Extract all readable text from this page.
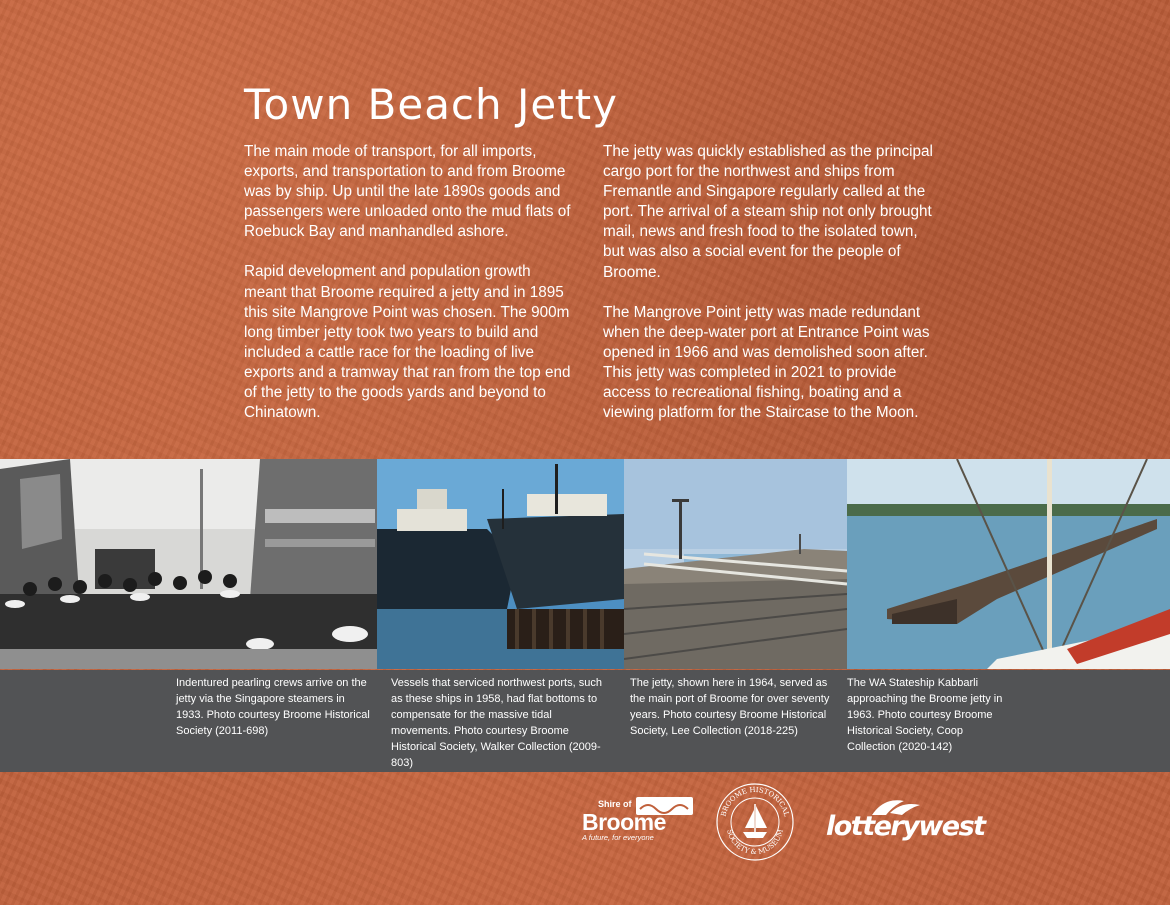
Town Beach Jetty

The main mode of transport, for all imports, exports, and transportation to and from Broome was by ship. Up until the late 1890s goods and passengers were unloaded onto the mud flats of Roebuck Bay and manhandled ashore.

Rapid development and population growth meant that Broome required a jetty and in 1895 this site Mangrove Point was chosen. The 900m long timber jetty took two years to build and included a cattle race for the loading of live exports and a tramway that ran from the top end of the jetty to the goods yards and beyond to Chinatown.

The jetty was quickly established as the principal cargo port for the northwest and ships from Fremantle and Singapore regularly called at the port. The arrival of a steam ship not only brought mail, news and fresh food to the isolated town, but was also a social event for the people of Broome.

The Mangrove Point jetty was made redundant when the deep-water port at Entrance Point was opened in 1966 and was demolished soon after. This jetty was completed in 2021 to provide access to recreational fishing, boating and a viewing platform for the Staircase to the Moon.

Indentured pearling crews arrive on the jetty via the Singapore steamers in 1933. Photo courtesy Broome Historical Society (2011-698)
Vessels that serviced northwest ports, such as these ships in 1958, had flat bottoms to compensate for the massive tidal movements. Photo courtesy Broome Historical Society, Walker Collection (2009-803)
The jetty, shown here in 1964, served as the main port of Broome for over seventy years. Photo courtesy Broome Historical Society, Lee Collection (2018-225)
The WA Stateship Kabbarli approaching the Broome jetty in 1963. Photo courtesy Broome Historical Society, Coop Collection (2020-142)
Shire of
Broome
A future, for everyone
BROOME HISTORICAL
SOCIETY & MUSEUM lotterywest
